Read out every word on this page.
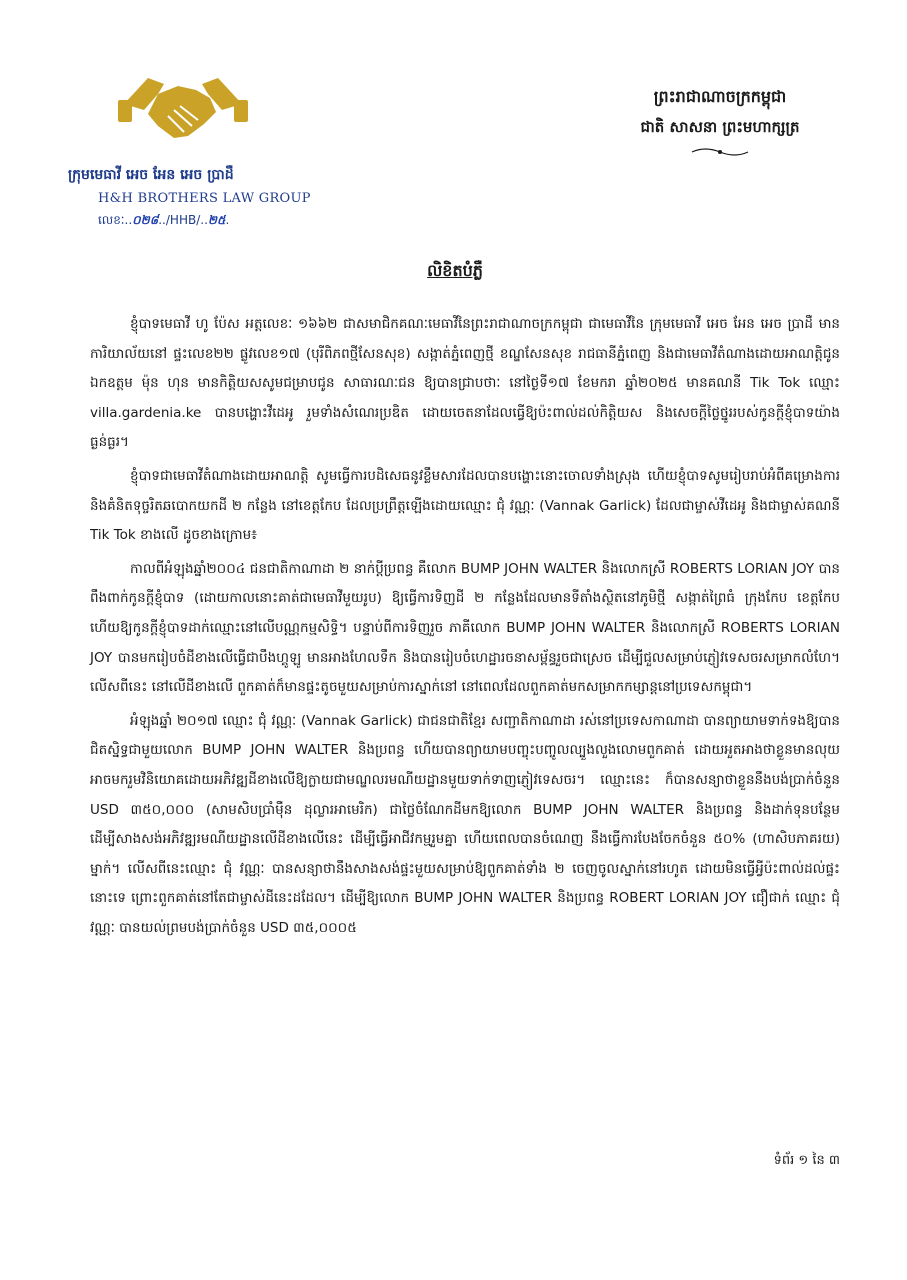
ក្រុមមេធាវី អេច អែន អេច ប្រាដឺ
H&H BROTHERS LAW GROUP
លេខៈ..០២៨../HHB/..២៥.
ព្រះរាជាណាចក្រកម្ពុជា
ជាតិ សាសនា ព្រះមហាក្សត្រ
លិខិតបំភ្លឺ

ខ្ញុំបាទមេធាវី ហូ ប៉ែស អត្តលេខៈ ១៦៦២ ជាសមាជិកគណៈមេធាវីនៃព្រះរាជាណាចក្រកម្ពុជា ជាមេធាវីនៃ ក្រុមមេធាវី អេច អែន អេច ប្រាដឺ មានការិយាល័យនៅ ផ្ទះលេខ២២ ផ្លូវលេខ១៧ (បុរីពិភពថ្មីសែនសុខ) សង្កាត់ភ្នំពេញថ្មី ខណ្ឌសែនសុខ រាជធានីភ្នំពេញ និងជាមេធាវីតំណាងដោយអាណត្តិជូន ឯកឧត្តម ម៉ុន ហុន មានកិត្តិយសសូមជម្រាបជូន សាធារណៈជន ឱ្យបានជ្រាបថាៈ នៅថ្ងៃទី១៧ ខែមករា ឆ្នាំ២០២៥ មានគណនី Tik Tok ឈ្មោះ villa.gardenia.ke បានបង្ហោះវីដេអូ រួមទាំងសំណេរប្រឌិត ដោយចេតនាដែលធ្វើឱ្យប៉ះពាល់ដល់កិត្តិយស និងសេចក្តីថ្លៃថ្នូររបស់កូនក្តីខ្ញុំបាទយ៉ាងធ្ងន់ធ្ងរ។

ខ្ញុំបាទជាមេធាវីតំណាងដោយអាណត្តិ សូមធ្វើការបដិសេធនូវខ្លឹមសារដែលបានបង្ហោះនោះចោលទាំងស្រុង ហើយខ្ញុំបាទសូមរៀបរាប់អំពីគម្រោងការ និងគំនិតទុច្ចរិតឆបោកយកដី ២ កន្លែង នៅខេត្តកែប ដែលប្រព្រឹត្តឡើងដោយឈ្មោះ ជុំ វណ្ណៈ (Vannak Garlick) ដែលជាម្ចាស់វីដេអូ និងជាម្ចាស់គណនី Tik Tok ខាងលើ ដូចខាងក្រោម៖

កាលពីអំឡុងឆ្នាំ២០០៤ ជនជាតិកាណាដា ២ នាក់ប្តីប្រពន្ធ គឺលោក BUMP JOHN WALTER និងលោកស្រី ROBERTS LORIAN JOY បានពឹងពាក់កូនក្តីខ្ញុំបាទ (ដោយកាលនោះគាត់ជាមេធាវីមួយរូប) ឱ្យធ្វើការទិញដី ២ កន្លែងដែលមានទីតាំងស្ថិតនៅភូមិថ្មី សង្កាត់ព្រៃធំ ក្រុងកែប ខេត្តកែប ហើយឱ្យកូនក្តីខ្ញុំបាទដាក់ឈ្មោះនៅលើបណ្ណកម្មសិទ្ធិ។ បន្ទាប់ពីការទិញរួច ភាគីលោក BUMP JOHN WALTER និងលោកស្រី ROBERTS LORIAN JOY បានមករៀបចំដីខាងលើធ្វើជាបឹងហ្គូឡូ មានអាងហែលទឹក និងបានរៀបចំហេដ្ឋារចនាសម្ព័ន្ធរួចជាស្រេច ដើម្បីជួលសម្រាប់ភ្ញៀវទេសចរសម្រាកលំហែ។ លើសពីនេះ នៅលើដីខាងលើ ពួកគាត់ក៏មានផ្ទះតូចមួយសម្រាប់ការស្នាក់នៅ នៅពេលដែលពួកគាត់មកសម្រាកកម្សាន្តនៅប្រទេសកម្ពុជា។

អំឡុងឆ្នាំ ២០១៧ ឈ្មោះ ជុំ វណ្ណៈ (Vannak Garlick) ជាជនជាតិខ្មែរ សញ្ជាតិកាណាដា រស់នៅប្រទេសកាណាដា បានព្យាយាមទាក់ទងឱ្យបានជិតស្និទ្ធជាមួយលោក BUMP JOHN WALTER និងប្រពន្ធ ហើយបានព្យាយាមបញ្ចុះបញ្ចូលល្បួងលួងលោមពួកគាត់ ដោយអួតអាងថាខ្លួនមានលុយ អាចមករួមវិនិយោគដោយអភិវឌ្ឍដីខាងលើឱ្យក្លាយជាមណ្ឌលរមណីយដ្ឋានមួយទាក់ទាញភ្ញៀវទេសចរ។ ឈ្មោះនេះ ក៏បានសន្យាថាខ្លួននឹងបង់ប្រាក់ចំនួន USD ៣៥០,០០០ (សាមសិបប្រាំម៉ឺន ដុល្លារអាមេរិក) ជាថ្លៃចំណែកដីមកឱ្យលោក BUMP JOHN WALTER និងប្រពន្ធ និងដាក់ទុនបន្ថែមដើម្បីសាងសង់អភិវឌ្ឍរមណីយដ្ឋានលើដីខាងលើនេះ ដើម្បីធ្វើអាជីវកម្មរួមគ្នា ហើយពេលបានចំណេញ នឹងធ្វើការបែងចែកចំនួន ៥០% (ហាសិបភាគរយ) ម្នាក់។ លើសពីនេះឈ្មោះ ជុំ វណ្ណៈ បានសន្យាថានឹងសាងសង់ផ្ទះមួយសម្រាប់ឱ្យពួកគាត់ទាំង ២ ចេញចូលស្នាក់នៅរហូត ដោយមិនធ្វើអ្វីប៉ះពាល់ដល់ផ្ទះនោះទេ ព្រោះពួកគាត់នៅតែជាម្ចាស់ដីនេះដដែល។ ដើម្បីឱ្យលោក BUMP JOHN WALTER និងប្រពន្ធ ROBERT LORIAN JOY ជឿជាក់ ឈ្មោះ ជុំ វណ្ណៈ បានយល់ព្រមបង់ប្រាក់ចំនួន USD ៣៥,០០០៥

ទំព័រ ១ នៃ ៣
